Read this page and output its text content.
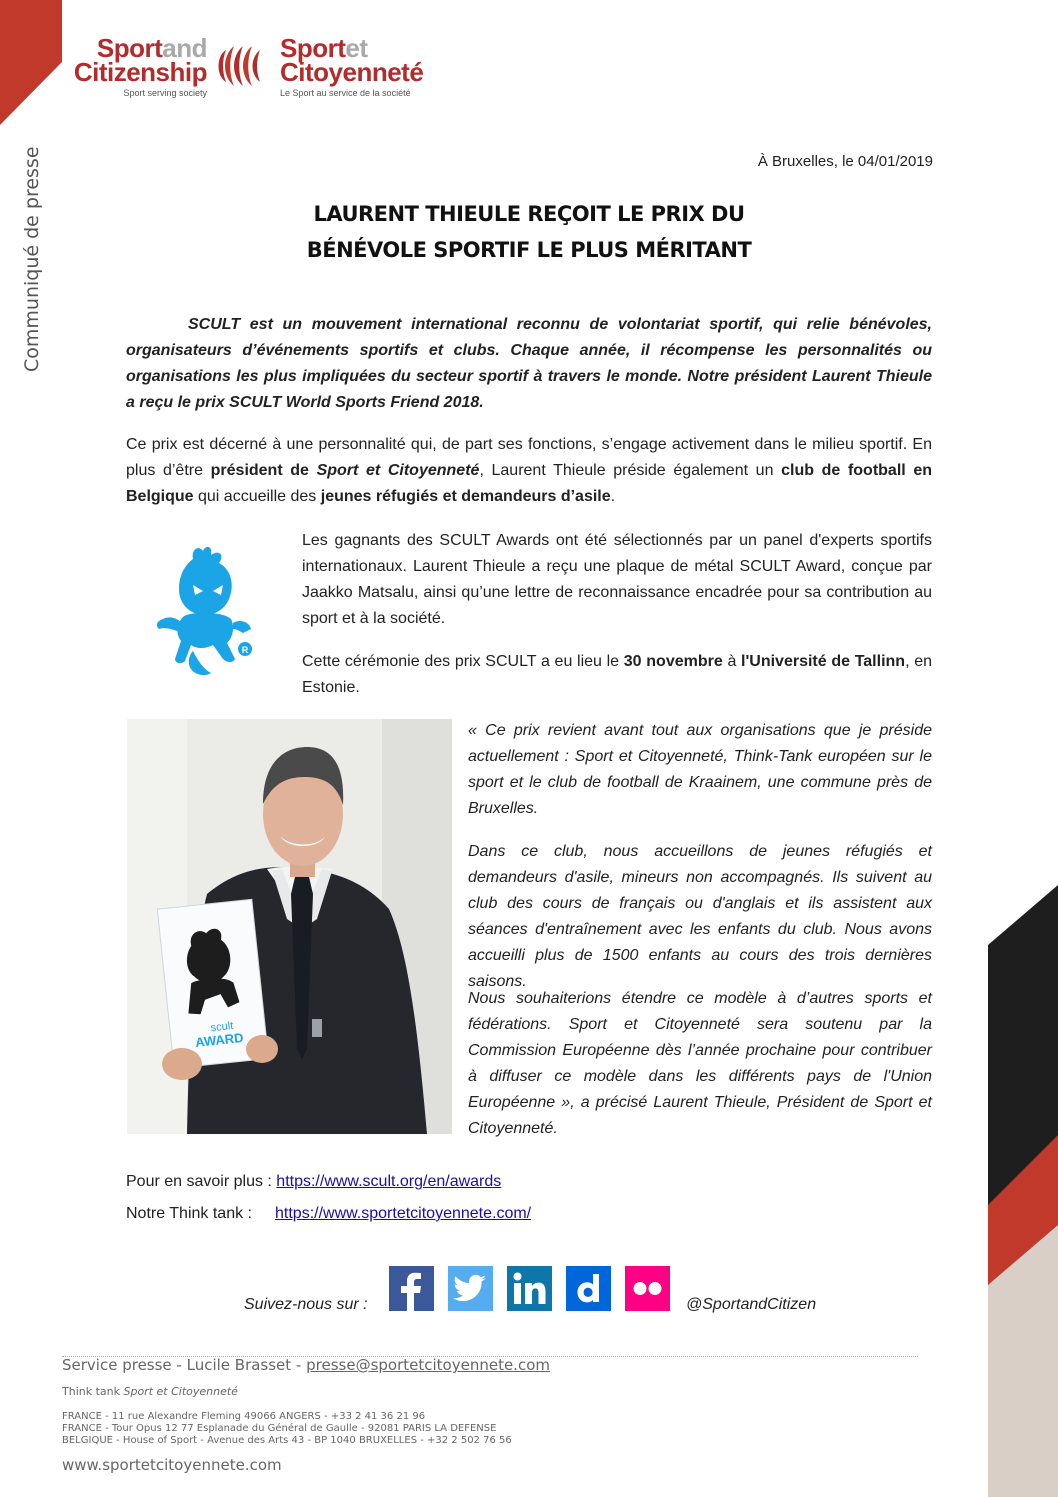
Sportand
Citizenship
Sport serving society
Sportet
Citoyenneté
Le Sport au service de la société
Communiqué de presse	À Bruxelles, le 04/01/2019
LAURENT THIEULE REÇOIT LE PRIX DU
BÉNÉVOLE SPORTIF LE PLUS MÉRITANT
SCULT est un mouvement international reconnu de volontariat sportif, qui relie bénévoles, organisateurs d’événements sportifs et clubs. Chaque année, il récompense les personnalités ou organisations les plus impliquées du secteur sportif à travers le monde. Notre président Laurent Thieule a reçu le prix SCULT World Sports Friend 2018.
Ce prix est décerné à une personnalité qui, de part ses fonctions, s’engage activement dans le milieu sportif. En plus d’être président de Sport et Citoyenneté, Laurent Thieule préside également un club de football en Belgique qui accueille des jeunes réfugiés et demandeurs d’asile.
R
Les gagnants des SCULT Awards ont été sélectionnés par un panel d'experts sportifs internationaux. Laurent Thieule a reçu une plaque de métal SCULT Award, conçue par Jaakko Matsalu, ainsi qu’une lettre de reconnaissance encadrée pour sa contribution au sport et à la société.
Cette cérémonie des prix SCULT a eu lieu le 30 novembre à l'Université de Tallinn, en Estonie.
scult
AWARD
« Ce prix revient avant tout aux organisations que je préside actuellement : Sport et Citoyenneté, Think-Tank européen sur le sport et le club de football de Kraainem, une commune près de Bruxelles.
Dans ce club, nous accueillons de jeunes réfugiés et demandeurs d'asile, mineurs non accompagnés. Ils suivent au club des cours de français ou d'anglais et ils assistent aux séances d'entraînement avec les enfants du club. Nous avons accueilli plus de 1500 enfants au cours des trois dernières saisons.
Nous souhaiterions étendre ce modèle à d’autres sports et fédérations. Sport et Citoyenneté sera soutenu par la Commission Européenne dès l’année prochaine pour contribuer à diffuser ce modèle dans les différents pays de l'Union Européenne », a précisé Laurent Thieule, Président de Sport et Citoyenneté.
Pour en savoir plus : https://www.scult.org/en/awards
Notre Think tank : https://www.sportetcitoyennete.com/
Suivez-nous sur :	@SportandCitizen
Service presse - Lucile Brasset - presse@sportetcitoyennete.com
Think tank Sport et Citoyenneté
FRANCE - 11 rue Alexandre Fleming 49066 ANGERS - +33 2 41 36 21 96
FRANCE - Tour Opus 12 77 Esplanade du Général de Gaulle - 92081 PARIS LA DEFENSE
BELGIQUE - House of Sport - Avenue des Arts 43 - BP 1040 BRUXELLES - +32 2 502 76 56
www.sportetcitoyennete.com
